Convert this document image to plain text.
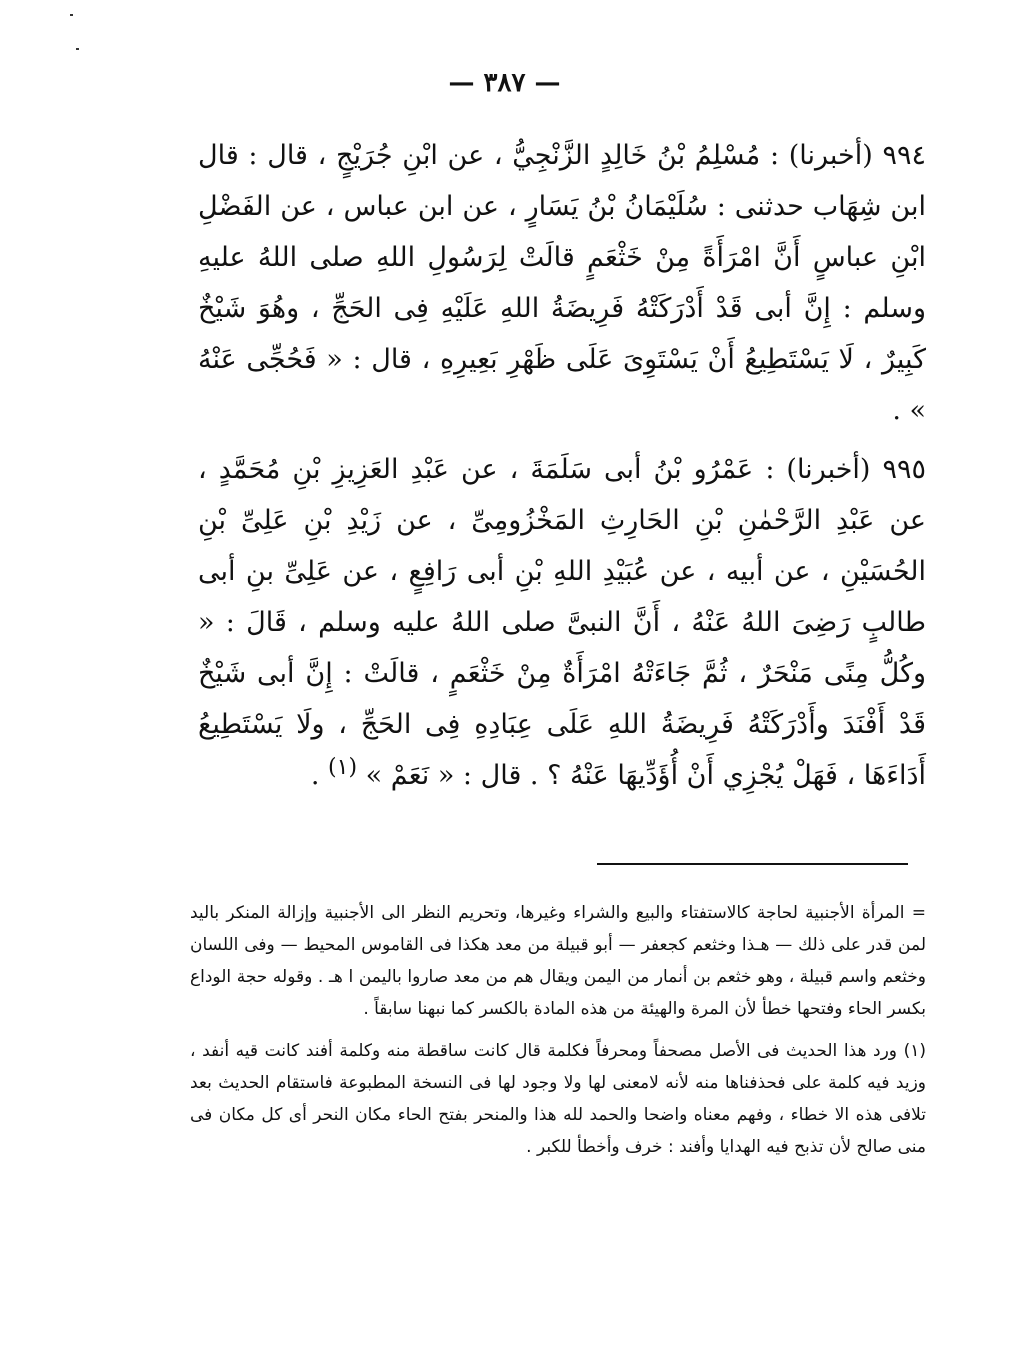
— ٣٨٧ —

٩٩٤ (أخبرنا) : مُسْلِمُ بْنُ خَالِدٍ الزَّنْجِيُّ ، عن ابْنِ جُرَيْجٍ ، قال : قال ابن شِهَاب حدثنى : سُلَيْمَانُ بْنُ يَسَارٍ ، عن ابن عباس ، عن الفَضْلِ ابْنِ عباسٍ أَنَّ امْرَأَةً مِنْ خَثْعَمٍ قالَتْ لِرَسُولِ اللهِ صلى اللهُ عليهِ وسلم : إِنَّ أبى قَدْ أَدْرَكَتْهُ فَرِيضَةُ اللهِ عَلَيْهِ فِى الحَجِّ ، وهُوَ شَيْخٌ كَبِيرٌ ، لَا يَسْتَطِيعُ أَنْ يَسْتَوِىَ عَلَى ظَهْرِ بَعِيرِهِ ، قال : « فَحُجِّى عَنْهُ » .

٩٩٥ (أخبرنا) : عَمْرُو بْنُ أبى سَلَمَةَ ، عن عَبْدِ العَزِيزِ بْنِ مُحَمَّدٍ ، عن عَبْدِ الرَّحْمٰنِ بْنِ الحَارِثِ المَخْزُومِىِّ ، عن زَيْدِ بْنِ عَلِىِّ بْنِ الحُسَيْنِ ، عن أبيه ، عن عُبَيْدِ اللهِ بْنِ أبى رَافِعٍ ، عن عَلِىِّ بنِ أبى طالبٍ رَضِىَ اللهُ عَنْهُ ، أَنَّ النبىَّ صلى اللهُ عليه وسلم ، قَالَ : « وكُلُّ مِنًى مَنْحَرٌ ، ثُمَّ جَاءَتْهُ امْرَأَةٌ مِنْ خَثْعَمٍ ، قالَتْ : إِنَّ أبى شَيْخٌ قَدْ أَفْنَدَ وأَدْرَكَتْهُ فَرِيضَةُ اللهِ عَلَى عِبَادِهِ فِى الحَجِّ ، ولَا يَسْتَطِيعُ أَدَاءَهَا ، فَهَلْ يُجْزِي أَنْ أُؤَدِّيهَا عَنْهُ ؟ . قال : « نَعَمْ » $^{(١)}$ .

= المرأة الأجنبية لحاجة كالاستفتاء والبيع والشراء وغيرها، وتحريم النظر الى الأجنبية وإزالة المنكر باليد لمن قدر على ذلك — هـذا وخثعم كجعفر — أبو قبيلة من معد هكذا فى القاموس المحيط — وفى اللسان وخثعم واسم قبيلة ، وهو خثعم بن أنمار من اليمن ويقال هم من معد صاروا باليمن ا هـ . وقوله حجة الوداع بكسر الحاء وفتحها خطأ لأن المرة والهيئة من هذه المادة بالكسر كما نبهنا سابقاً .

(١) ورد هذا الحديث فى الأصل مصحفاً ومحرفاً فكلمة قال كانت ساقطة منه وكلمة أفند كانت قيه أنفد ، وزيد فيه كلمة على فحذفناها منه لأنه لامعنى لها ولا وجود لها فى النسخة المطبوعة فاستقام الحديث بعد تلافى هذه الا خطاء ، وفهم معناه واضحا والحمد لله هذا والمنحر بفتح الحاء مكان النحر أى كل مكان فى منى صالح لأن تذبح فيه الهدايا وأفند : خرف وأخطأ للكبر .
